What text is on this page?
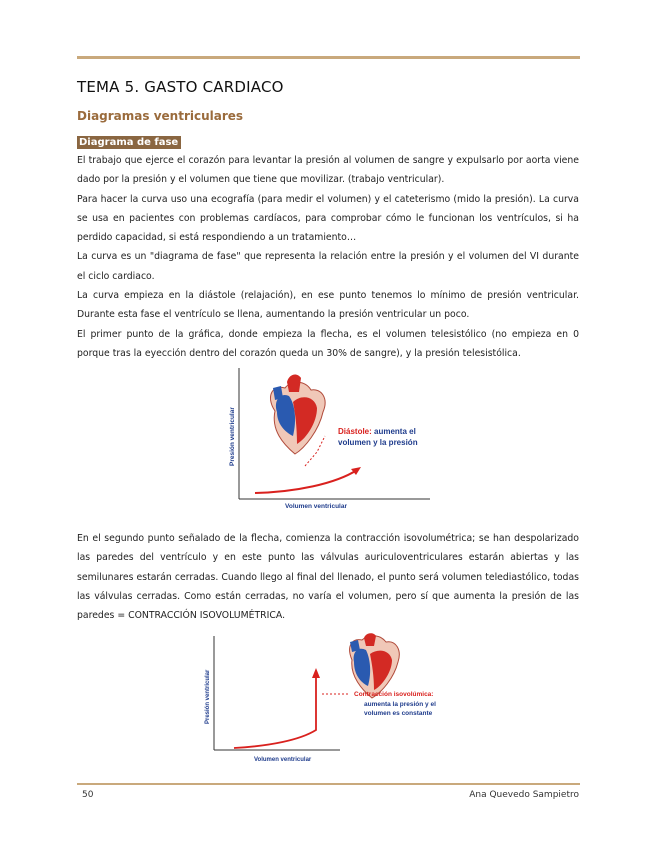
TEMA 5. GASTO CARDIACO
Diagramas ventriculares
Diagrama de fase

El trabajo que ejerce el corazón para levantar la presión al volumen de sangre y expulsarlo por aorta viene dado por la presión y el volumen que tiene que movilizar. (trabajo ventricular).

Para hacer la curva uso una ecografía (para medir el volumen) y el cateterismo (mido la presión). La curva se usa en pacientes con problemas cardíacos, para comprobar cómo le funcionan los ventrículos, si ha perdido capacidad, si está respondiendo a un tratamiento…

La curva es un "diagrama de fase" que representa la relación entre la presión y el volumen del VI durante el ciclo cardiaco.

La curva empieza en la diástole (relajación), en ese punto tenemos lo mínimo de presión ventricular. Durante esta fase el ventrículo se llena, aumentando la presión ventricular un poco.

El primer punto de la gráfica, donde empieza la flecha, es el volumen telesistólico (no empieza en 0 porque tras la eyección dentro del corazón queda un 30% de sangre), y la presión telesistólica.

Presión ventricular
Volumen ventricular
Diástole: aumenta el
volumen y la presión

En el segundo punto señalado de la flecha, comienza la contracción isovolumétrica; se han despolarizado las paredes del ventrículo y en este punto las válvulas auriculoventriculares estarán abiertas y las semilunares estarán cerradas. Cuando llego al final del llenado, el punto será volumen telediastólico, todas las válvulas cerradas. Como están cerradas, no varía el volumen, pero sí que aumenta la presión de las paredes = CONTRACCIÓN ISOVOLUMÉTRICA.

Presión ventricular
Volumen ventricular
Contracción isovolúmica:
aumenta la presión y el
volumen es constante
50	Ana Quevedo Sampietro
